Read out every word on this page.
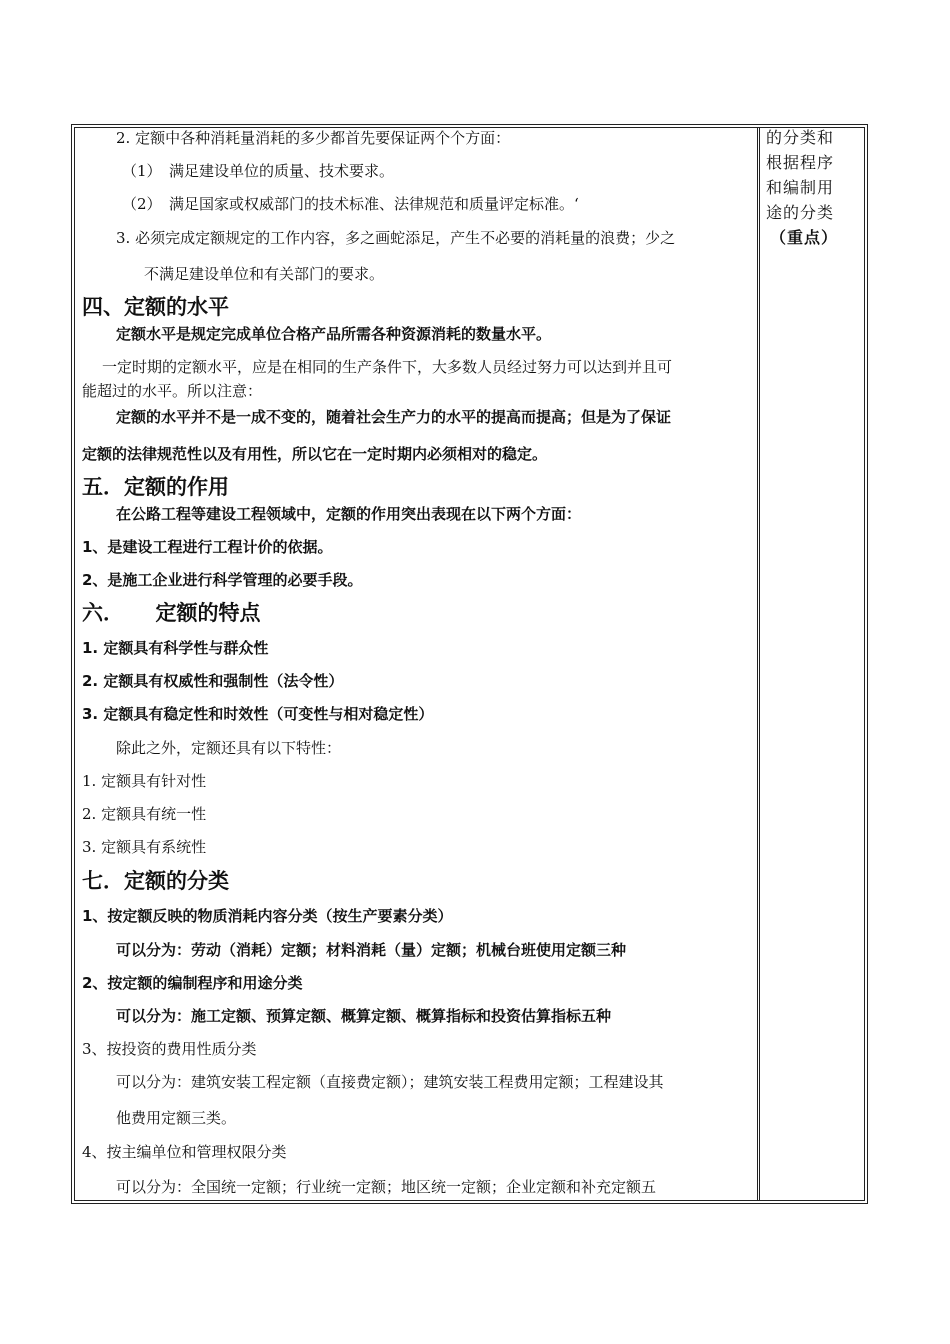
2. 定额中各种消耗量消耗的多少都首先要保证两个个方面：
（1）　满足建设单位的质量、技术要求。
（2）　满足国家或权威部门的技术标准、法律规范和质量评定标准。‘
3. 必须完成定额规定的工作内容，多之画蛇添足，产生不必要的消耗量的浪费；少之
不满足建设单位和有关部门的要求。
四、定额的水平
定额水平是规定完成单位合格产品所需各种资源消耗的数量水平。
一定时期的定额水平，应是在相同的生产条件下，大多数人员经过努力可以达到并且可
能超过的水平。所以注意：
定额的水平并不是一成不变的，随着社会生产力的水平的提高而提高；但是为了保证
定额的法律规范性以及有用性，所以它在一定时期内必须相对的稳定。
五．定额的作用
在公路工程等建设工程领域中，定额的作用突出表现在以下两个方面：
1、是建设工程进行工程计价的依据。
2、是施工企业进行科学管理的必要手段。
六．　　定额的特点
1. 定额具有科学性与群众性
2. 定额具有权威性和强制性（法令性）
3. 定额具有稳定性和时效性（可变性与相对稳定性）
除此之外，定额还具有以下特性：
1. 定额具有针对性
2. 定额具有统一性
3. 定额具有系统性
七．定额的分类
1、按定额反映的物质消耗内容分类（按生产要素分类）
可以分为：劳动（消耗）定额；材料消耗（量）定额；机械台班使用定额三种
2、按定额的编制程序和用途分类
可以分为：施工定额、预算定额、概算定额、概算指标和投资估算指标五种
3、按投资的费用性质分类
可以分为：建筑安装工程定额（直接费定额）；建筑安装工程费用定额；工程建设其
他费用定额三类。
4、按主编单位和管理权限分类
可以分为：全国统一定额；行业统一定额；地区统一定额；企业定额和补充定额五
的分类和
根据程序
和编制用
途的分类
（重点）
